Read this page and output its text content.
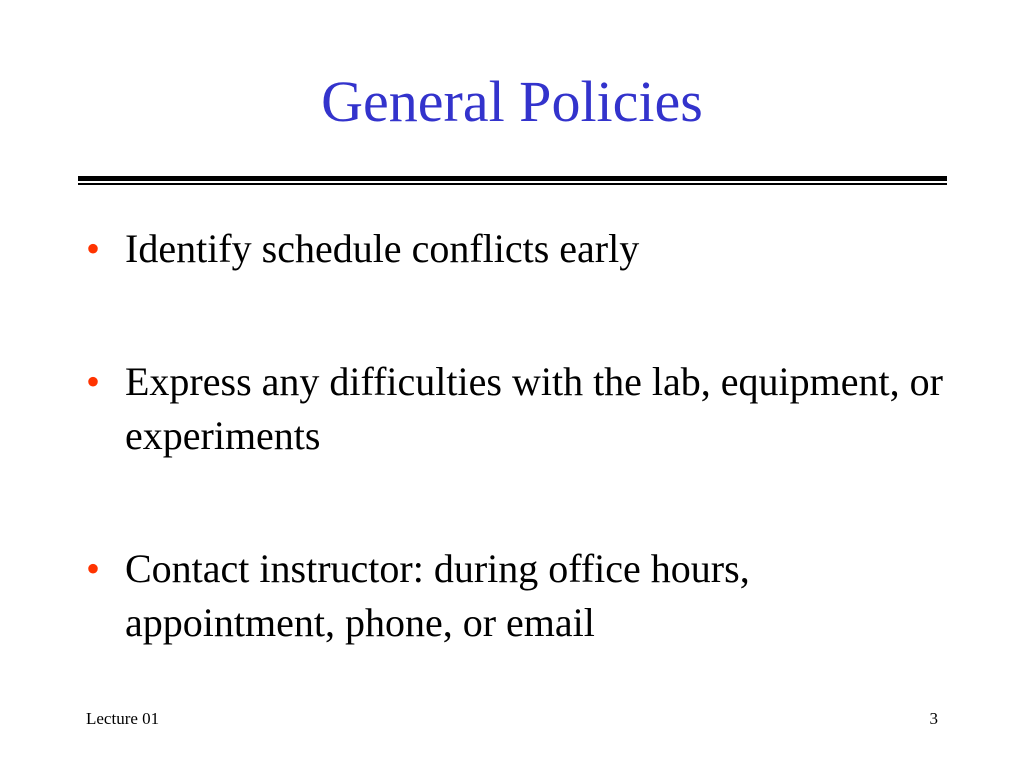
General Policies
• Identify schedule conflicts early
• Express any difficulties with the lab, equipment, or experiments
• Contact instructor: during office hours, appointment, phone, or email
Lecture 01	3
